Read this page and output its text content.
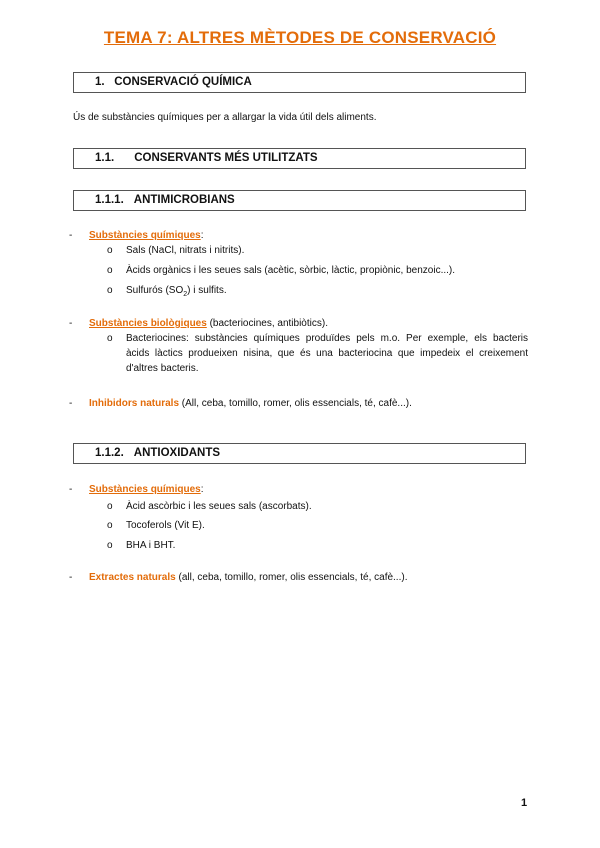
TEMA 7: ALTRES MÈTODES DE CONSERVACIÓ
1. CONSERVACIÓ QUÍMICA
Ús de substàncies químiques per a allargar la vida útil dels aliments.
1.1. CONSERVANTS MÉS UTILITZATS
1.1.1. ANTIMICROBIANS
- Substàncies químiques:
o Sals (NaCl, nitrats i nitrits).
o Àcids orgànics i les seues sals (acètic, sòrbic, làctic, propiònic, benzoic...).
o Sulfurós $(SO_2)$ i sulfits.
- Substàncies biològiques (bacteriocines, antibiòtics).
o Bacteriocines: substàncies químiques produïdes pels m.o. Per exemple, els bacteris
àcids làctics produeixen nisina, que és una bacteriocina que impedeix el creixement
d'altres bacteris.
- Inhibidors naturals (All, ceba, tomillo, romer, olis essencials, té, cafè...).
1.1.2. ANTIOXIDANTS
- Substàncies químiques:
o Àcid ascòrbic i les seues sals (ascorbats).
o Tocoferols (Vit E).
o BHA i BHT.
- Extractes naturals (all, ceba, tomillo, romer, olis essencials, té, cafè...).
1
